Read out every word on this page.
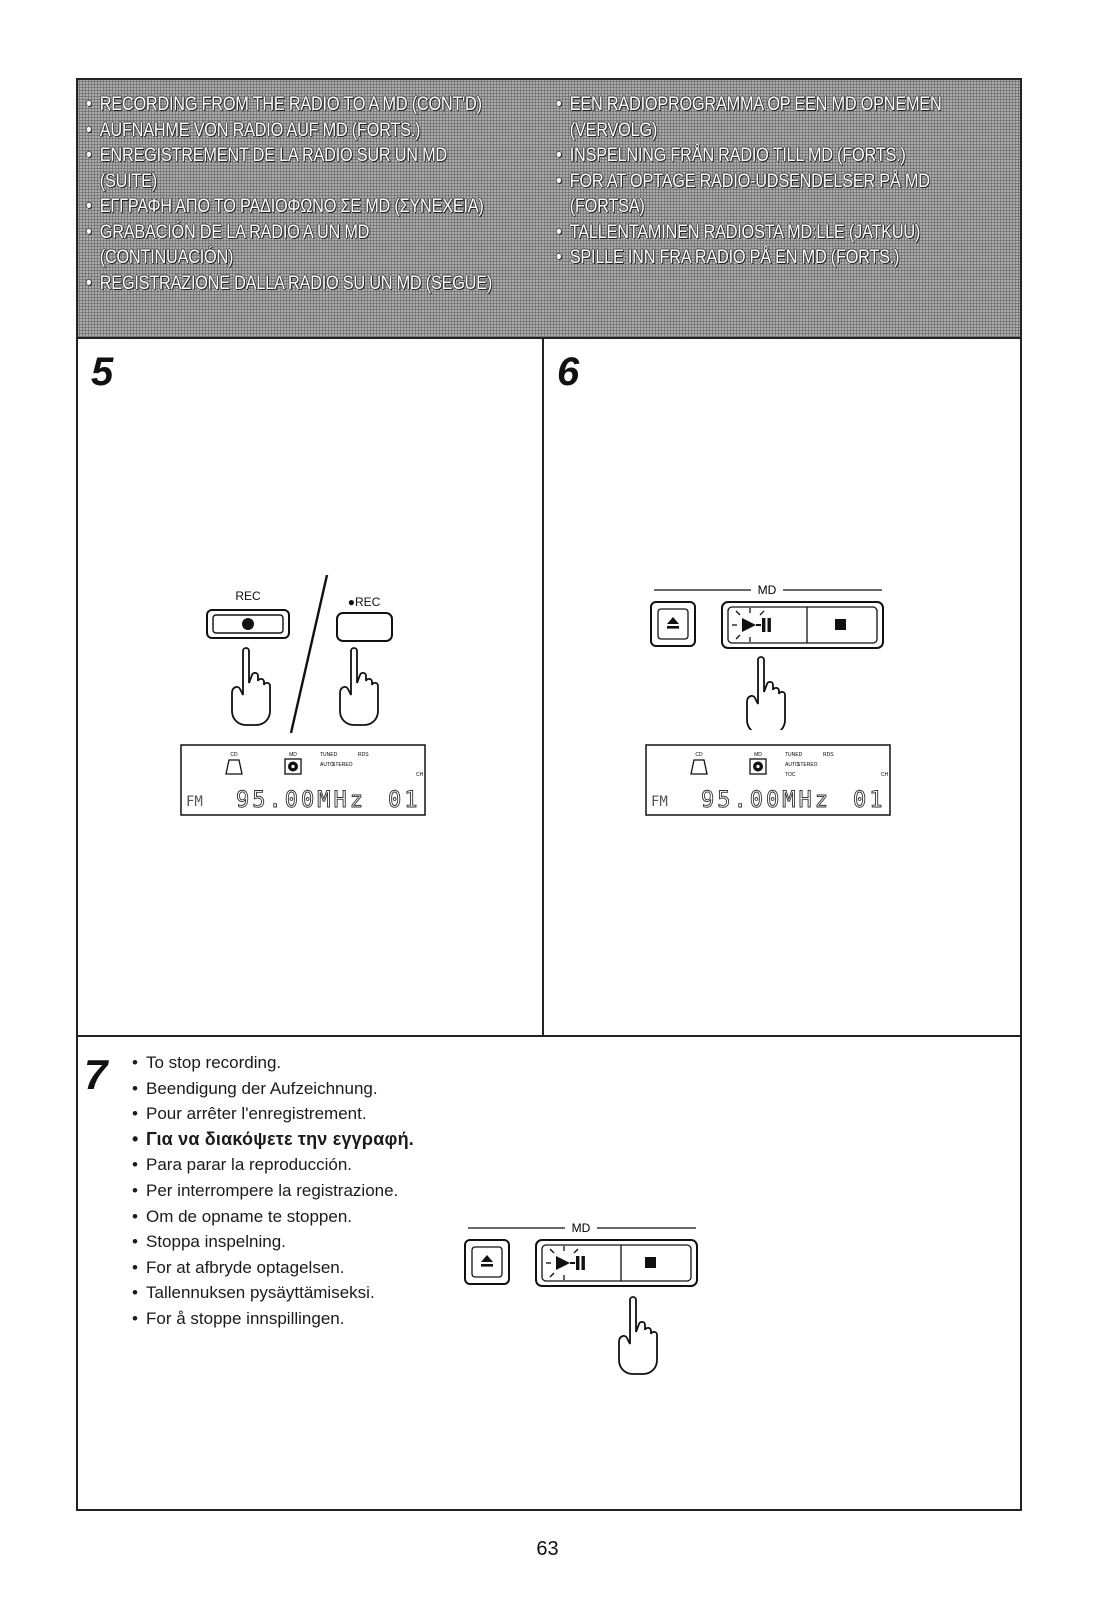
• RECORDING FROM THE RADIO TO A MD (CONT'D)
• AUFNAHME VON RADIO AUF MD (FORTS.)
• ENREGISTREMENT DE LA RADIO SUR UN MD
(SUITE)
• ΕΓΓΡΑΦΗ ΑΠΟ ΤΟ ΡΑΔΙΟΦΩΝΟ ΣΕ MD (ΣΥΝΕΧΕΙΑ)
• GRABACIÓN DE LA RADIO A UN MD
(CONTINUACIÓN)
• REGISTRAZIONE DALLA RADIO SU UN MD (SEGUE)
• EEN RADIOPROGRAMMA OP EEN MD OPNEMEN
(VERVOLG)
• INSPELNING FRÅN RADIO TILL MD (FORTS.)
• FOR AT OPTAGE RADIO-UDSENDELSER PÅ MD
(FORTSA)
• TALLENTAMINEN RADIOSTA MD:LLE (JATKUU)
• SPILLE INN FRA RADIO PÅ EN MD (FORTS.)
5
REC	●REC
CD	MD	TUNED	RDS
AUTO
STEREO
CH
FM 95.00MHz 01
6
MD
CD	MD	TUNED	RDS
AUTO
STEREO
TOC	CH
FM 95.00MHz 01
7 • To stop recording.
• Beendigung der Aufzeichnung.
• Pour arrêter l'enregistrement.
• Για να διακόψετε την εγγραφή.
• Para parar la reproducción.
• Per interrompere la registrazione.
• Om de opname te stoppen.
• Stoppa inspelning.
• For at afbryde optagelsen.
• Tallennuksen pysäyttämiseksi.
• For å stoppe innspillingen.
MD
63
